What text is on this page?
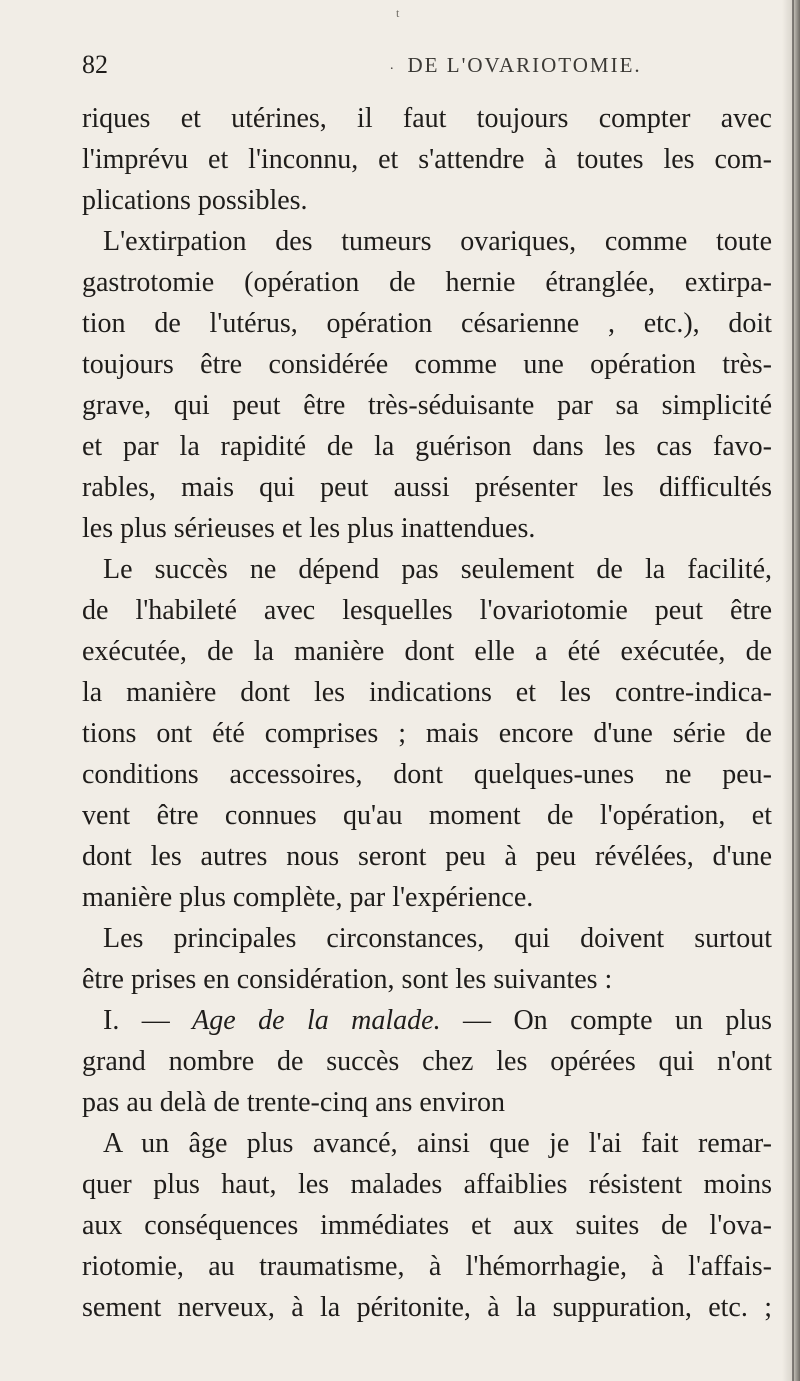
t
82	. DE L'OVARIOTOMIE.
riques et utérines, il faut toujours compter avec
l'imprévu et l'inconnu, et s'attendre à toutes les com-
plications possibles.
L'extirpation des tumeurs ovariques, comme toute
gastrotomie (opération de hernie étranglée, extirpa-
tion de l'utérus, opération césarienne , etc.), doit
toujours être considérée comme une opération très-
grave, qui peut être très-séduisante par sa simplicité
et par la rapidité de la guérison dans les cas favo-
rables, mais qui peut aussi présenter les difficultés
les plus sérieuses et les plus inattendues.
Le succès ne dépend pas seulement de la facilité,
de l'habileté avec lesquelles l'ovariotomie peut être
exécutée, de la manière dont elle a été exécutée, de
la manière dont les indications et les contre-indica-
tions ont été comprises ; mais encore d'une série de
conditions accessoires, dont quelques-unes ne peu-
vent être connues qu'au moment de l'opération, et
dont les autres nous seront peu à peu révélées, d'une
manière plus complète, par l'expérience.
Les principales circonstances, qui doivent surtout
être prises en considération, sont les suivantes :
I. — Age de la malade. — On compte un plus
grand nombre de succès chez les opérées qui n'ont
pas au delà de trente-cinq ans environ
A un âge plus avancé, ainsi que je l'ai fait remar-
quer plus haut, les malades affaiblies résistent moins
aux conséquences immédiates et aux suites de l'ova-
riotomie, au traumatisme, à l'hémorrhagie, à l'affais-
sement nerveux, à la péritonite, à la suppuration, etc. ;
